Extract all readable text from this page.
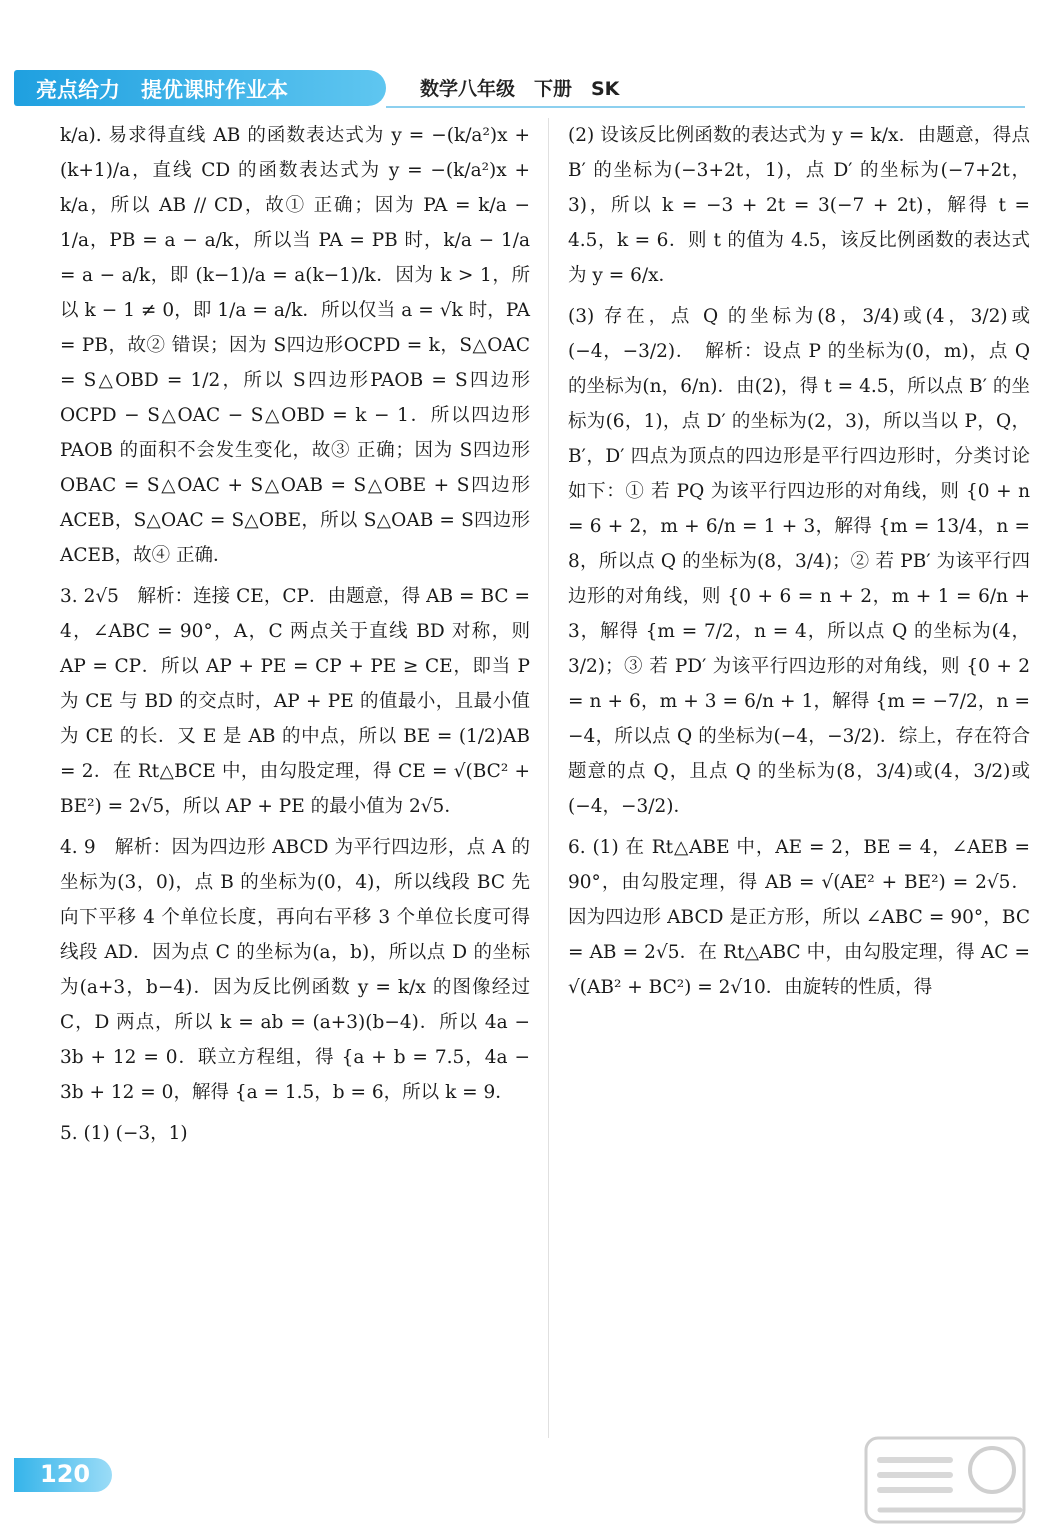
亮点给力　提优课时作业本	数学八年级　下册　SK

k/a). 易求得直线 AB 的函数表达式为 y = −(k/a²)x + (k+1)/a，直线 CD 的函数表达式为 y = −(k/a²)x + k/a，所以 AB // CD，故① 正确；因为 PA = k/a − 1/a，PB = a − a/k，所以当 PA = PB 时，k/a − 1/a = a − a/k，即 (k−1)/a = a(k−1)/k．因为 k > 1，所以 k − 1 ≠ 0，即 1/a = a/k．所以仅当 a = √k 时，PA = PB，故② 错误；因为 S四边形OCPD = k，S△OAC = S△OBD = 1/2，所以 S四边形PAOB = S四边形OCPD − S△OAC − S△OBD = k − 1．所以四边形 PAOB 的面积不会发生变化，故③ 正确；因为 S四边形OBAC = S△OAC + S△OAB = S△OBE + S四边形ACEB，S△OAC = S△OBE，所以 S△OAB = S四边形ACEB，故④ 正确．

3. 2√5　解析：连接 CE，CP．由题意，得 AB = BC = 4，∠ABC = 90°，A，C 两点关于直线 BD 对称，则 AP = CP．所以 AP + PE = CP + PE ≥ CE，即当 P 为 CE 与 BD 的交点时，AP + PE 的值最小，且最小值为 CE 的长．又 E 是 AB 的中点，所以 BE = (1/2)AB = 2．在 Rt△BCE 中，由勾股定理，得 CE = √(BC² + BE²) = 2√5，所以 AP + PE 的最小值为 2√5．

4. 9　解析：因为四边形 ABCD 为平行四边形，点 A 的坐标为(3，0)，点 B 的坐标为(0，4)，所以线段 BC 先向下平移 4 个单位长度，再向右平移 3 个单位长度可得线段 AD．因为点 C 的坐标为(a，b)，所以点 D 的坐标为(a+3，b−4)．因为反比例函数 y = k/x 的图像经过 C，D 两点，所以 k = ab = (a+3)(b−4)．所以 4a − 3b + 12 = 0．联立方程组，得 {a + b = 7.5，4a − 3b + 12 = 0，解得 {a = 1.5，b = 6，所以 k = 9．

5. (1) (−3，1)

(2) 设该反比例函数的表达式为 y = k/x．由题意，得点 B′ 的坐标为(−3+2t，1)，点 D′ 的坐标为(−7+2t，3)，所以 k = −3 + 2t = 3(−7 + 2t)，解得 t = 4.5，k = 6．则 t 的值为 4.5，该反比例函数的表达式为 y = 6/x．

(3) 存在，点 Q 的坐标为(8，3/4)或(4，3/2)或(−4，−3/2)．　解析：设点 P 的坐标为(0，m)，点 Q 的坐标为(n，6/n)．由(2)，得 t = 4.5，所以点 B′ 的坐标为(6，1)，点 D′ 的坐标为(2，3)，所以当以 P，Q，B′，D′ 四点为顶点的四边形是平行四边形时，分类讨论如下：① 若 PQ 为该平行四边形的对角线，则 {0 + n = 6 + 2，m + 6/n = 1 + 3，解得 {m = 13/4，n = 8，所以点 Q 的坐标为(8，3/4)；② 若 PB′ 为该平行四边形的对角线，则 {0 + 6 = n + 2，m + 1 = 6/n + 3，解得 {m = 7/2，n = 4，所以点 Q 的坐标为(4，3/2)；③ 若 PD′ 为该平行四边形的对角线，则 {0 + 2 = n + 6，m + 3 = 6/n + 1，解得 {m = −7/2，n = −4，所以点 Q 的坐标为(−4，−3/2)．综上，存在符合题意的点 Q，且点 Q 的坐标为(8，3/4)或(4，3/2)或(−4，−3/2)．

6. (1) 在 Rt△ABE 中，AE = 2，BE = 4，∠AEB = 90°，由勾股定理，得 AB = √(AE² + BE²) = 2√5．因为四边形 ABCD 是正方形，所以 ∠ABC = 90°，BC = AB = 2√5．在 Rt△ABC 中，由勾股定理，得 AC = √(AB² + BC²) = 2√10．由旋转的性质，得

120
